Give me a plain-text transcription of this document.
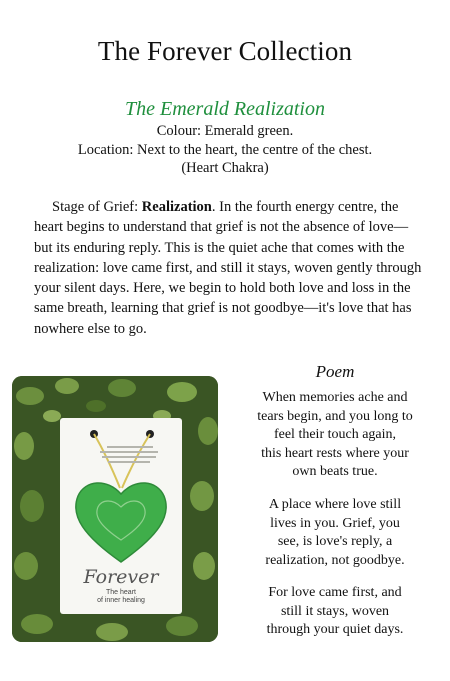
The Forever Collection
The Emerald Realization
Colour: Emerald green.
Location: Next to the heart, the centre of the chest.
(Heart Chakra)
Stage of Grief: Realization. In the fourth energy centre, the heart begins to understand that grief is not the absence of love—but its enduring reply. This is the quiet ache that comes with the realization: love came first, and still it stays, woven gently through your silent days. Here, we begin to hold both love and loss in the same breath, learning that grief is not goodbye—it's love that has nowhere else to go.
Forever
The heart
of inner healing
Poem
When memories ache and
tears begin, and you long to
feel their touch again,
this heart rests where your
own beats true.
A place where love still
lives in you. Grief, you
see, is love's reply, a
realization, not goodbye.
For love came first, and
still it stays, woven
through your quiet days.
